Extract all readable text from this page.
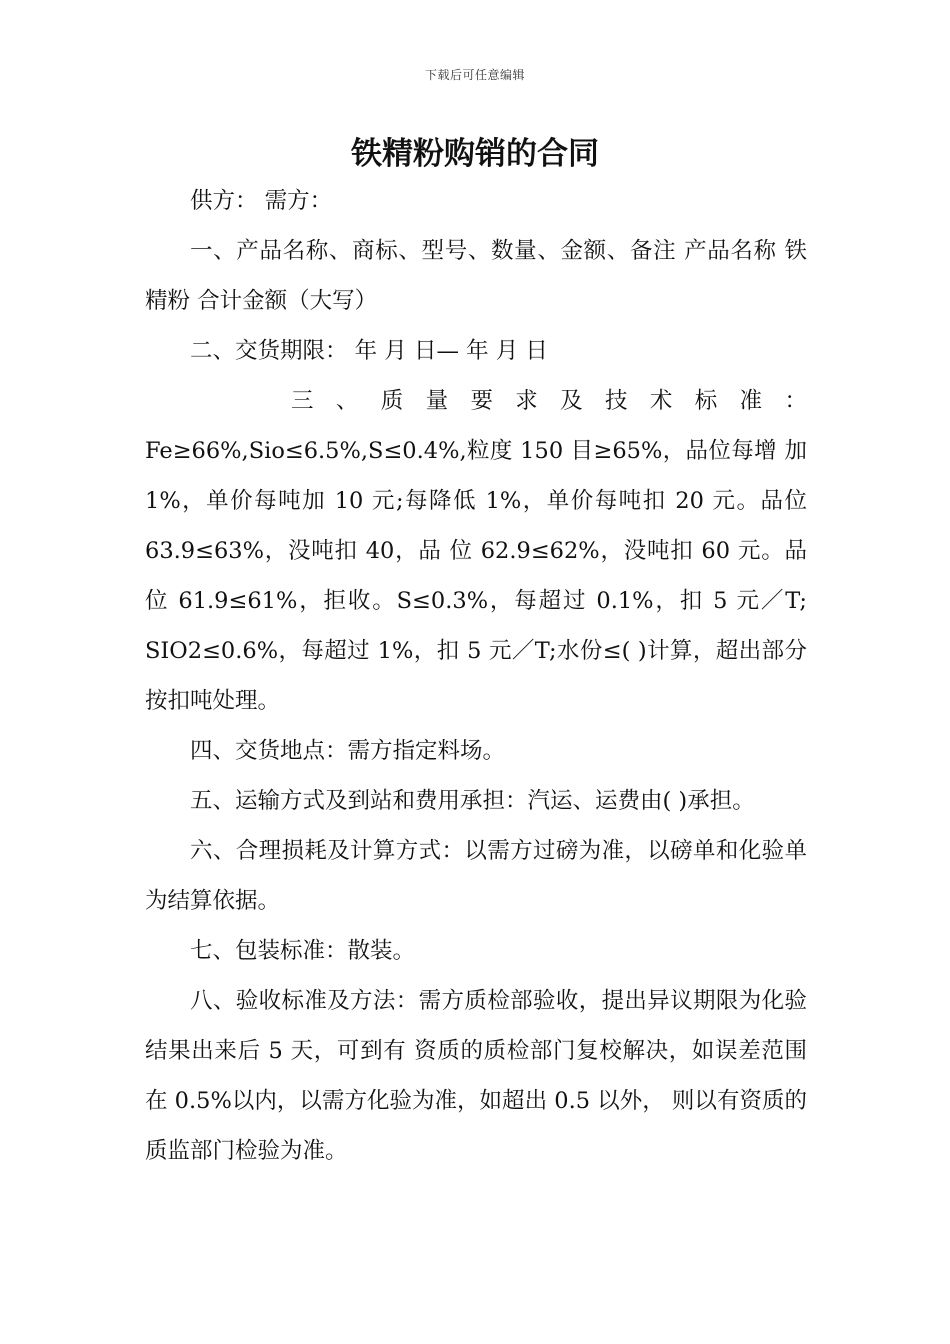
下载后可任意编辑
铁精粉购销的合同

供方： 需方：

一、产品名称、商标、型号、数量、金额、备注 产品名称 铁精粉 合计金额（大写）

二、交货期限： 年 月 日— 年 月 日

三 、 质 量 要 求 及 技 术 标 准 ：

Fe≥66%,Sio≤6.5%,S≤0.4%,粒度 150 目≥65%，品位每增 加 1%，单价每吨加 10 元;每降低 1%，单价每吨扣 20 元。品位 63.9≤63%，没吨扣 40，品 位 62.9≤62%，没吨扣 60 元。品位 61.9≤61%，拒收。S≤0.3%，每超过 0.1%，扣 5 元／T; SIO2≤0.6%，每超过 1%，扣 5 元／T;水份≤( )计算，超出部分按扣吨处理。

四、交货地点：需方指定料场。

五、运输方式及到站和费用承担：汽运、运费由( )承担。

六、合理损耗及计算方式：以需方过磅为准，以磅单和化验单为结算依据。

七、包装标准：散装。

八、验收标准及方法：需方质检部验收，提出异议期限为化验结果出来后 5 天，可到有 资质的质检部门复校解决，如误差范围在 0.5%以内，以需方化验为准，如超出 0.5 以外， 则以有资质的质监部门检验为准。
